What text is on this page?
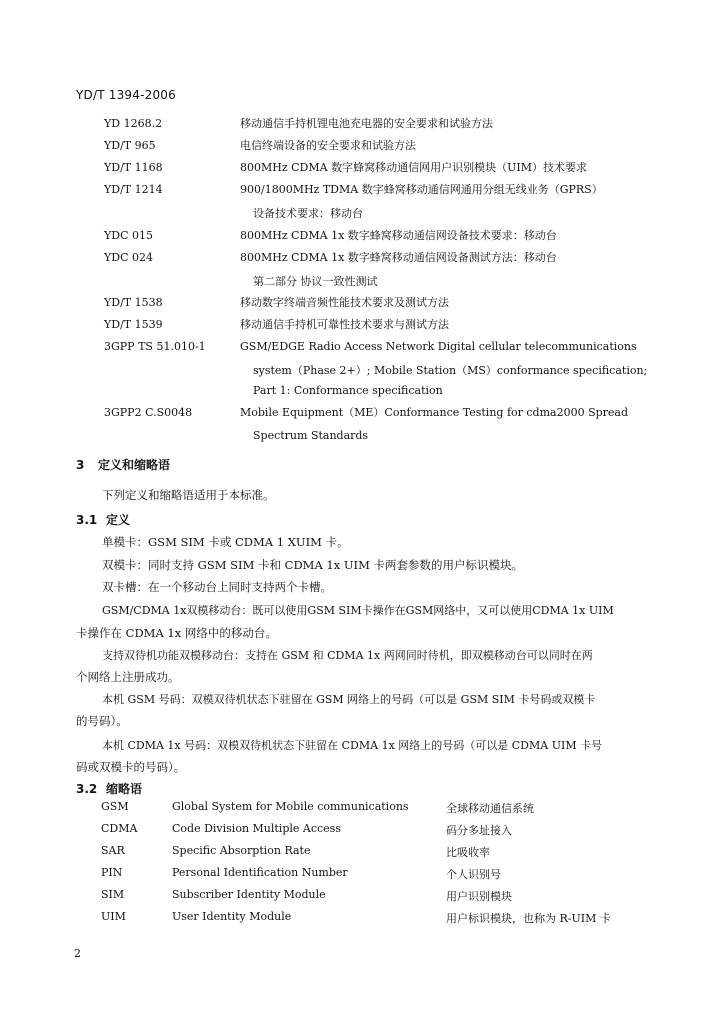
YD/T 1394-2006
YD 1268.2	移动通信手持机锂电池充电器的安全要求和试验方法
YD/T 965	电信终端设备的安全要求和试验方法
YD/T 1168	800MHz CDMA 数字蜂窝移动通信网用户识别模块（UIM）技术要求
YD/T 1214	900/1800MHz TDMA 数字蜂窝移动通信网通用分组无线业务（GPRS）
设备技术要求：移动台
YDC 015	800MHz CDMA 1x 数字蜂窝移动通信网设备技术要求：移动台
YDC 024	800MHz CDMA 1x 数字蜂窝移动通信网设备测试方法：移动台
第二部分 协议一致性测试
YD/T 1538	移动数字终端音频性能技术要求及测试方法
YD/T 1539	移动通信手持机可靠性技术要求与测试方法
3GPP TS 51.010-1	GSM/EDGE Radio Access Network Digital cellular telecommunications
system（Phase 2+）; Mobile Station（MS）conformance specification;
Part 1: Conformance specification
3GPP2 C.S0048	Mobile Equipment（ME）Conformance Testing for cdma2000 Spread
Spectrum Standards
3 定义和缩略语
下列定义和缩略语适用于本标准。
3.1 定义
单模卡：GSM SIM 卡或 CDMA 1 XUIM 卡。
双模卡：同时支持 GSM SIM 卡和 CDMA 1x UIM 卡两套参数的用户标识模块。
双卡槽：在一个移动台上同时支持两个卡槽。
GSM/CDMA 1x双模移动台：既可以使用GSM SIM卡操作在GSM网络中，又可以使用CDMA 1x UIM
卡操作在 CDMA 1x 网络中的移动台。
支持双待机功能双模移动台：支持在 GSM 和 CDMA 1x 两网同时待机，即双模移动台可以同时在两
个网络上注册成功。
本机 GSM 号码：双模双待机状态下驻留在 GSM 网络上的号码（可以是 GSM SIM 卡号码或双模卡
的号码）。
本机 CDMA 1x 号码：双模双待机状态下驻留在 CDMA 1x 网络上的号码（可以是 CDMA UIM 卡号
码或双模卡的号码）。
3.2 缩略语
GSM	Global System for Mobile communications	全球移动通信系统
CDMA	Code Division Multiple Access	码分多址接入
SAR	Specific Absorption Rate	比吸收率
PIN	Personal Identification Number	个人识别号
SIM	Subscriber Identity Module	用户识别模块
UIM	User Identity Module	用户标识模块，也称为 R-UIM 卡
2
